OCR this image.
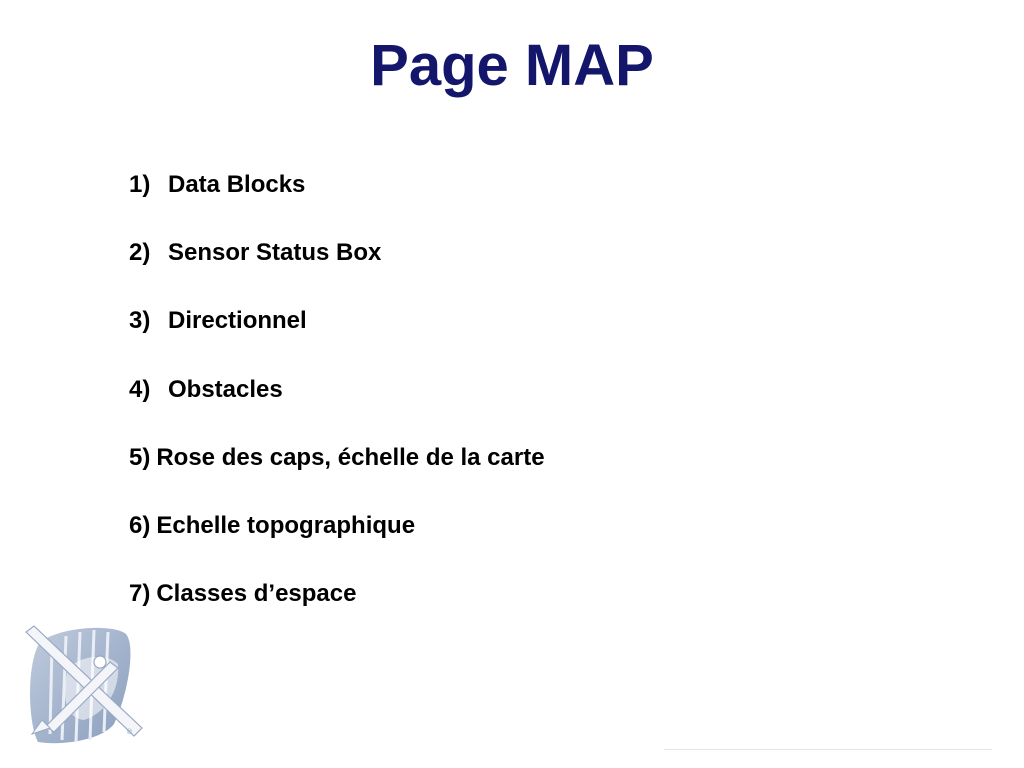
Page MAP
1) Data Blocks
2) Sensor Status Box
3) Directionnel
4) Obstacles
5) Rose des caps, échelle de la carte
6) Echelle topographique
7) Classes d’espace
®
